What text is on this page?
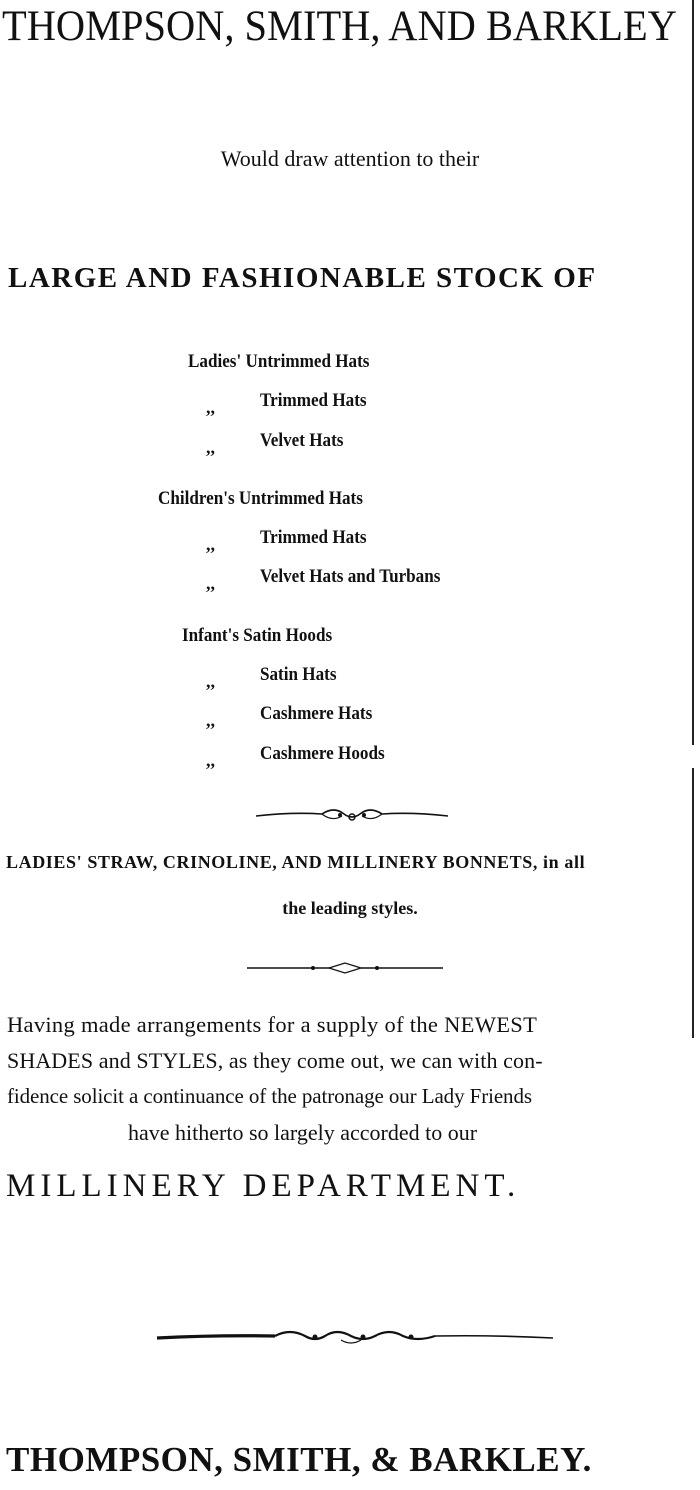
THOMPSON, SMITH, AND BARKLEY
Would draw attention to their
LARGE AND FASHIONABLE STOCK OF
Ladies' Untrimmed Hats
,, Trimmed Hats
,, Velvet Hats
Children's Untrimmed Hats
,, Trimmed Hats
,, Velvet Hats and Turbans
Infant's Satin Hoods
,, Satin Hats
,, Cashmere Hats
,, Cashmere Hoods
LADIES' STRAW, CRINOLINE, AND MILLINERY BONNETS, in all
the leading styles.
Having made arrangements for a supply of the NEWEST
SHADES and STYLES, as they come out, we can with con-
fidence solicit a continuance of the patronage our Lady Friends
have hitherto so largely accorded to our
MILLINERY DEPARTMENT.
THOMPSON, SMITH, & BARKLEY.
